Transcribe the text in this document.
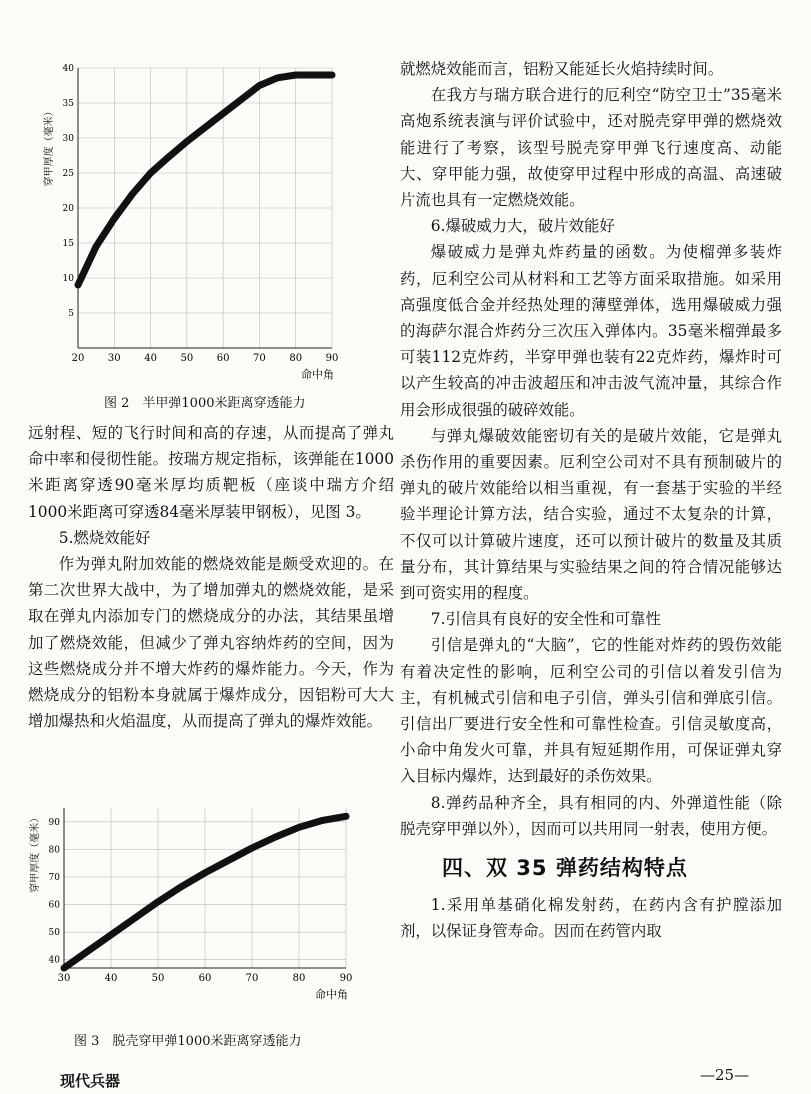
20 30 40 50 60 70 80 90
5
10
15
20
25
30
35
40
命中角
穿甲厚度（毫米）
图 2　半甲弹1000米距离穿透能力

远射程、短的飞行时间和高的存速，从而提高了弹丸命中率和侵彻性能。按瑞方规定指标，该弹能在1000米距离穿透90毫米厚均质靶板（座谈中瑞方介绍1000米距离可穿透84毫米厚装甲钢板），见图 3。

5.燃烧效能好

作为弹丸附加效能的燃烧效能是颇受欢迎的。在第二次世界大战中，为了增加弹丸的燃烧效能，是采取在弹丸内添加专门的燃烧成分的办法，其结果虽增加了燃烧效能，但减少了弹丸容纳炸药的空间，因为这些燃烧成分并不增大炸药的爆炸能力。今天，作为燃烧成分的铝粉本身就属于爆炸成分，因铝粉可大大增加爆热和火焰温度，从而提高了弹丸的爆炸效能。

30	40	50	60	70	80	90
40
50
60
70
80
90
命中角
穿甲厚度（毫米）
图 3　脱壳穿甲弹1000米距离穿透能力

就燃烧效能而言，铝粉又能延长火焰持续时间。

在我方与瑞方联合进行的厄利空“防空卫士”35毫米高炮系统表演与评价试验中，还对脱壳穿甲弹的燃烧效能进行了考察，该型号脱壳穿甲弹飞行速度高、动能大、穿甲能力强，故使穿甲过程中形成的高温、高速破片流也具有一定燃烧效能。

6.爆破威力大，破片效能好

爆破威力是弹丸炸药量的函数。为使榴弹多装炸药，厄利空公司从材料和工艺等方面采取措施。如采用高强度低合金并经热处理的薄壁弹体，选用爆破威力强的海萨尔混合炸药分三次压入弹体内。35毫米榴弹最多可装112克炸药，半穿甲弹也装有22克炸药，爆炸时可以产生较高的冲击波超压和冲击波气流冲量，其综合作用会形成很强的破碎效能。

与弹丸爆破效能密切有关的是破片效能，它是弹丸杀伤作用的重要因素。厄利空公司对不具有预制破片的弹丸的破片效能给以相当重视，有一套基于实验的半经验半理论计算方法，结合实验，通过不太复杂的计算，不仅可以计算破片速度，还可以预计破片的数量及其质量分布，其计算结果与实验结果之间的符合情况能够达到可资实用的程度。

7.引信具有良好的安全性和可靠性

引信是弹丸的“大脑”，它的性能对炸药的毁伤效能有着决定性的影响，厄利空公司的引信以着发引信为主，有机械式引信和电子引信，弹头引信和弹底引信。引信出厂要进行安全性和可靠性检查。引信灵敏度高，小命中角发火可靠，并具有短延期作用，可保证弹丸穿入目标内爆炸，达到最好的杀伤效果。

8.弹药品种齐全，具有相同的内、外弹道性能（除脱壳穿甲弹以外），因而可以共用同一射表，使用方便。

四、双 35 弹药结构特点

1.采用单基硝化棉发射药，在药内含有护膛添加剂，以保证身管寿命。因而在药管内取

现代兵器	—25—
